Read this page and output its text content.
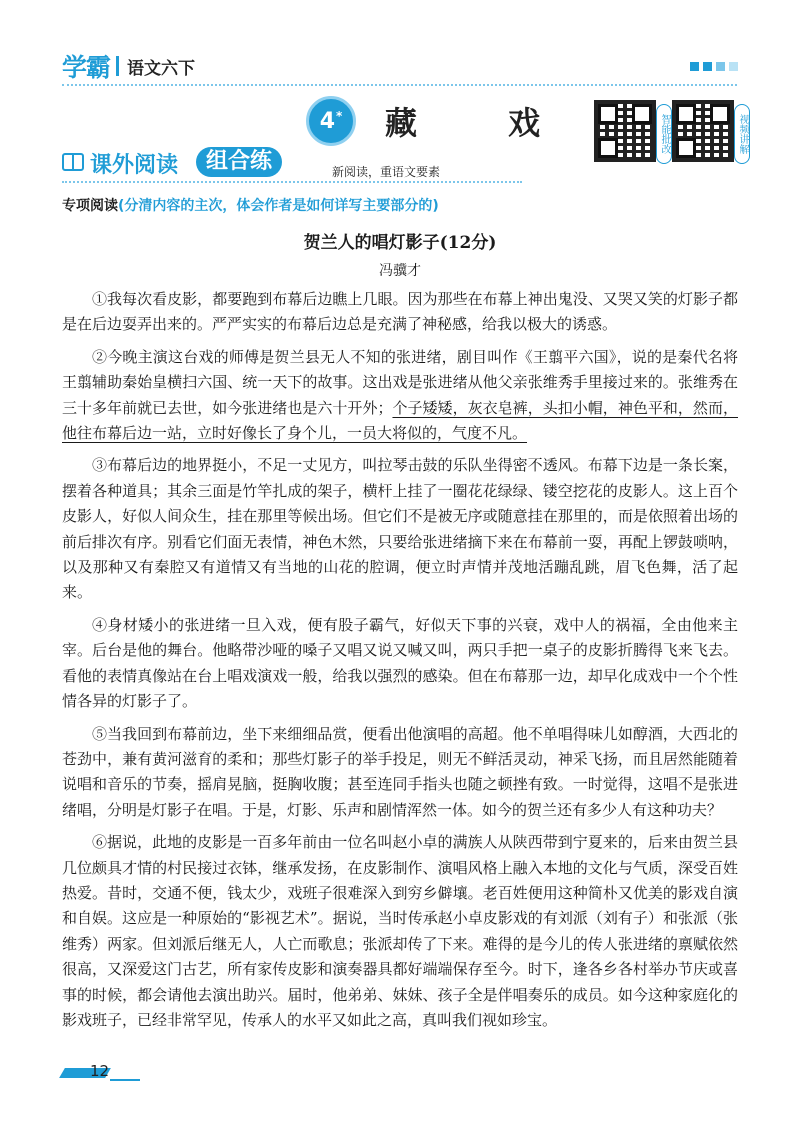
学霸 语文六下
4* 藏 戏	智能批改	视频讲解
课外阅读	组合练	新阅读，重语文要素
专项阅读(分清内容的主次，体会作者是如何详写主要部分的)
贺兰人的唱灯影子(12分)
冯骥才

①我每次看皮影，都要跑到布幕后边瞧上几眼。因为那些在布幕上神出鬼没、又哭又笑的灯影子都是在后边耍弄出来的。严严实实的布幕后边总是充满了神秘感，给我以极大的诱惑。

②今晚主演这台戏的师傅是贺兰县无人不知的张进绪，剧目叫作《王翦平六国》，说的是秦代名将王翦辅助秦始皇横扫六国、统一天下的故事。这出戏是张进绪从他父亲张维秀手里接过来的。张维秀在三十多年前就已去世，如今张进绪也是六十开外；个子矮矮，灰衣皂裤，头扣小帽，神色平和，然而，他往布幕后边一站，立时好像长了身个儿，一员大将似的，气度不凡。

③布幕后边的地界挺小，不足一丈见方，叫拉琴击鼓的乐队坐得密不透风。布幕下边是一条长案，摆着各种道具；其余三面是竹竿扎成的架子，横杆上挂了一圈花花绿绿、镂空挖花的皮影人。这上百个皮影人，好似人间众生，挂在那里等候出场。但它们不是被无序或随意挂在那里的，而是依照着出场的前后排次有序。别看它们面无表情，神色木然，只要给张进绪摘下来在布幕前一耍，再配上锣鼓唢呐，以及那种又有秦腔又有道情又有当地的山花的腔调，便立时声情并茂地活蹦乱跳，眉飞色舞，活了起来。

④身材矮小的张进绪一旦入戏，便有股子霸气，好似天下事的兴衰，戏中人的祸福，全由他来主宰。后台是他的舞台。他略带沙哑的嗓子又唱又说又喊又叫，两只手把一桌子的皮影折腾得飞来飞去。看他的表情真像站在台上唱戏演戏一般，给我以强烈的感染。但在布幕那一边，却早化成戏中一个个性情各异的灯影子了。

⑤当我回到布幕前边，坐下来细细品赏，便看出他演唱的高超。他不单唱得味儿如醇酒，大西北的苍劲中，兼有黄河滋育的柔和；那些灯影子的举手投足，则无不鲜活灵动，神采飞扬，而且居然能随着说唱和音乐的节奏，摇肩晃脑，挺胸收腹；甚至连同手指头也随之顿挫有致。一时觉得，这唱不是张进绪唱，分明是灯影子在唱。于是，灯影、乐声和剧情浑然一体。如今的贺兰还有多少人有这种功夫？

⑥据说，此地的皮影是一百多年前由一位名叫赵小卓的满族人从陕西带到宁夏来的，后来由贺兰县几位颇具才情的村民接过衣钵，继承发扬，在皮影制作、演唱风格上融入本地的文化与气质，深受百姓热爱。昔时，交通不便，钱太少，戏班子很难深入到穷乡僻壤。老百姓便用这种简朴又优美的影戏自演和自娱。这应是一种原始的“影视艺术”。据说，当时传承赵小卓皮影戏的有刘派（刘有子）和张派（张维秀）两家。但刘派后继无人，人亡而歌息；张派却传了下来。难得的是今儿的传人张进绪的禀赋依然很高，又深爱这门古艺，所有家传皮影和演奏器具都好端端保存至今。时下，逢各乡各村举办节庆或喜事的时候，都会请他去演出助兴。届时，他弟弟、妹妹、孩子全是伴唱奏乐的成员。如今这种家庭化的影戏班子，已经非常罕见，传承人的水平又如此之高，真叫我们视如珍宝。

12
